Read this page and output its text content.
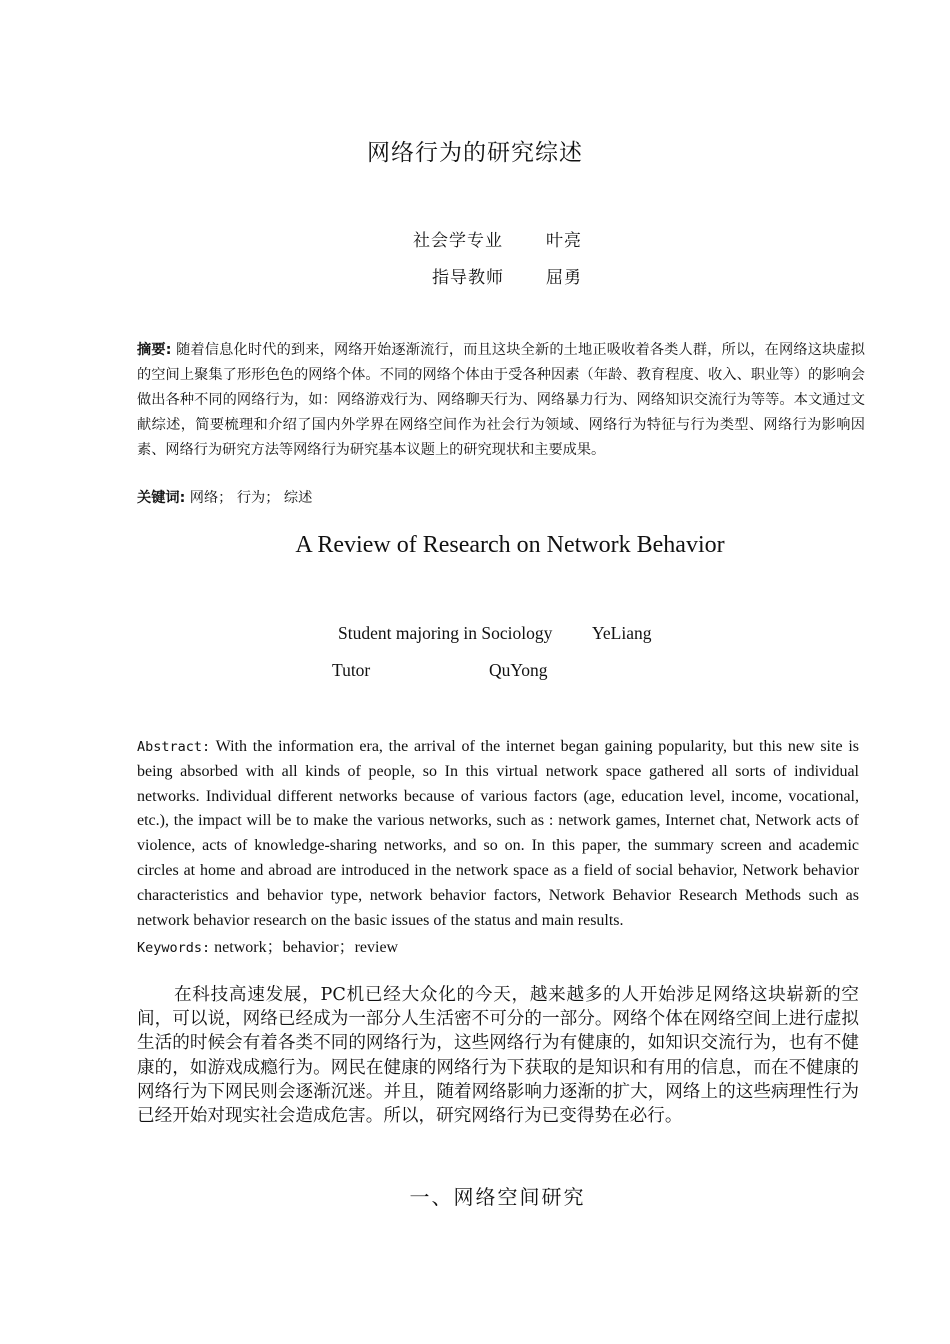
网络行为的研究综述
社会学专业	叶亮
指导教师 屈勇
摘要: 随着信息化时代的到来，网络开始逐渐流行，而且这块全新的土地正吸收着各类人群，所以，在网络这块虚拟的空间上聚集了形形色色的网络个体。不同的网络个体由于受各种因素（年龄、教育程度、收入、职业等）的影响会做出各种不同的网络行为，如：网络游戏行为、网络聊天行为、网络暴力行为、网络知识交流行为等等。本文通过文献综述，简要梳理和介绍了国内外学界在网络空间作为社会行为领域、网络行为特征与行为类型、网络行为影响因素、网络行为研究方法等网络行为研究基本议题上的研究现状和主要成果。
关键词: 网络； 行为； 综述
A Review of Research on Network Behavior
Student majoring in Sociology YeLiang
Tutor	QuYong
Abstract: With the information era, the arrival of the internet began gaining popularity, but this new site is being absorbed with all kinds of people, so In this virtual network space gathered all sorts of individual networks. Individual different networks because of various factors (age, education level, income, vocational, etc.), the impact will be to make the various networks, such as : network games, Internet chat, Network acts of violence, acts of knowledge-sharing networks, and so on. In this paper, the summary screen and academic circles at home and abroad are introduced in the network space as a field of social behavior, Network behavior characteristics and behavior type, network behavior factors, Network Behavior Research Methods such as network behavior research on the basic issues of the status and main results.
Keywords: network；behavior；review
在科技高速发展，PC机已经大众化的今天，越来越多的人开始涉足网络这块崭新的空间，可以说，网络已经成为一部分人生活密不可分的一部分。网络个体在网络空间上进行虚拟生活的时候会有着各类不同的网络行为，这些网络行为有健康的，如知识交流行为，也有不健康的，如游戏成瘾行为。网民在健康的网络行为下获取的是知识和有用的信息，而在不健康的网络行为下网民则会逐渐沉迷。并且，随着网络影响力逐渐的扩大，网络上的这些病理性行为已经开始对现实社会造成危害。所以，研究网络行为已变得势在必行。
一、网络空间研究
